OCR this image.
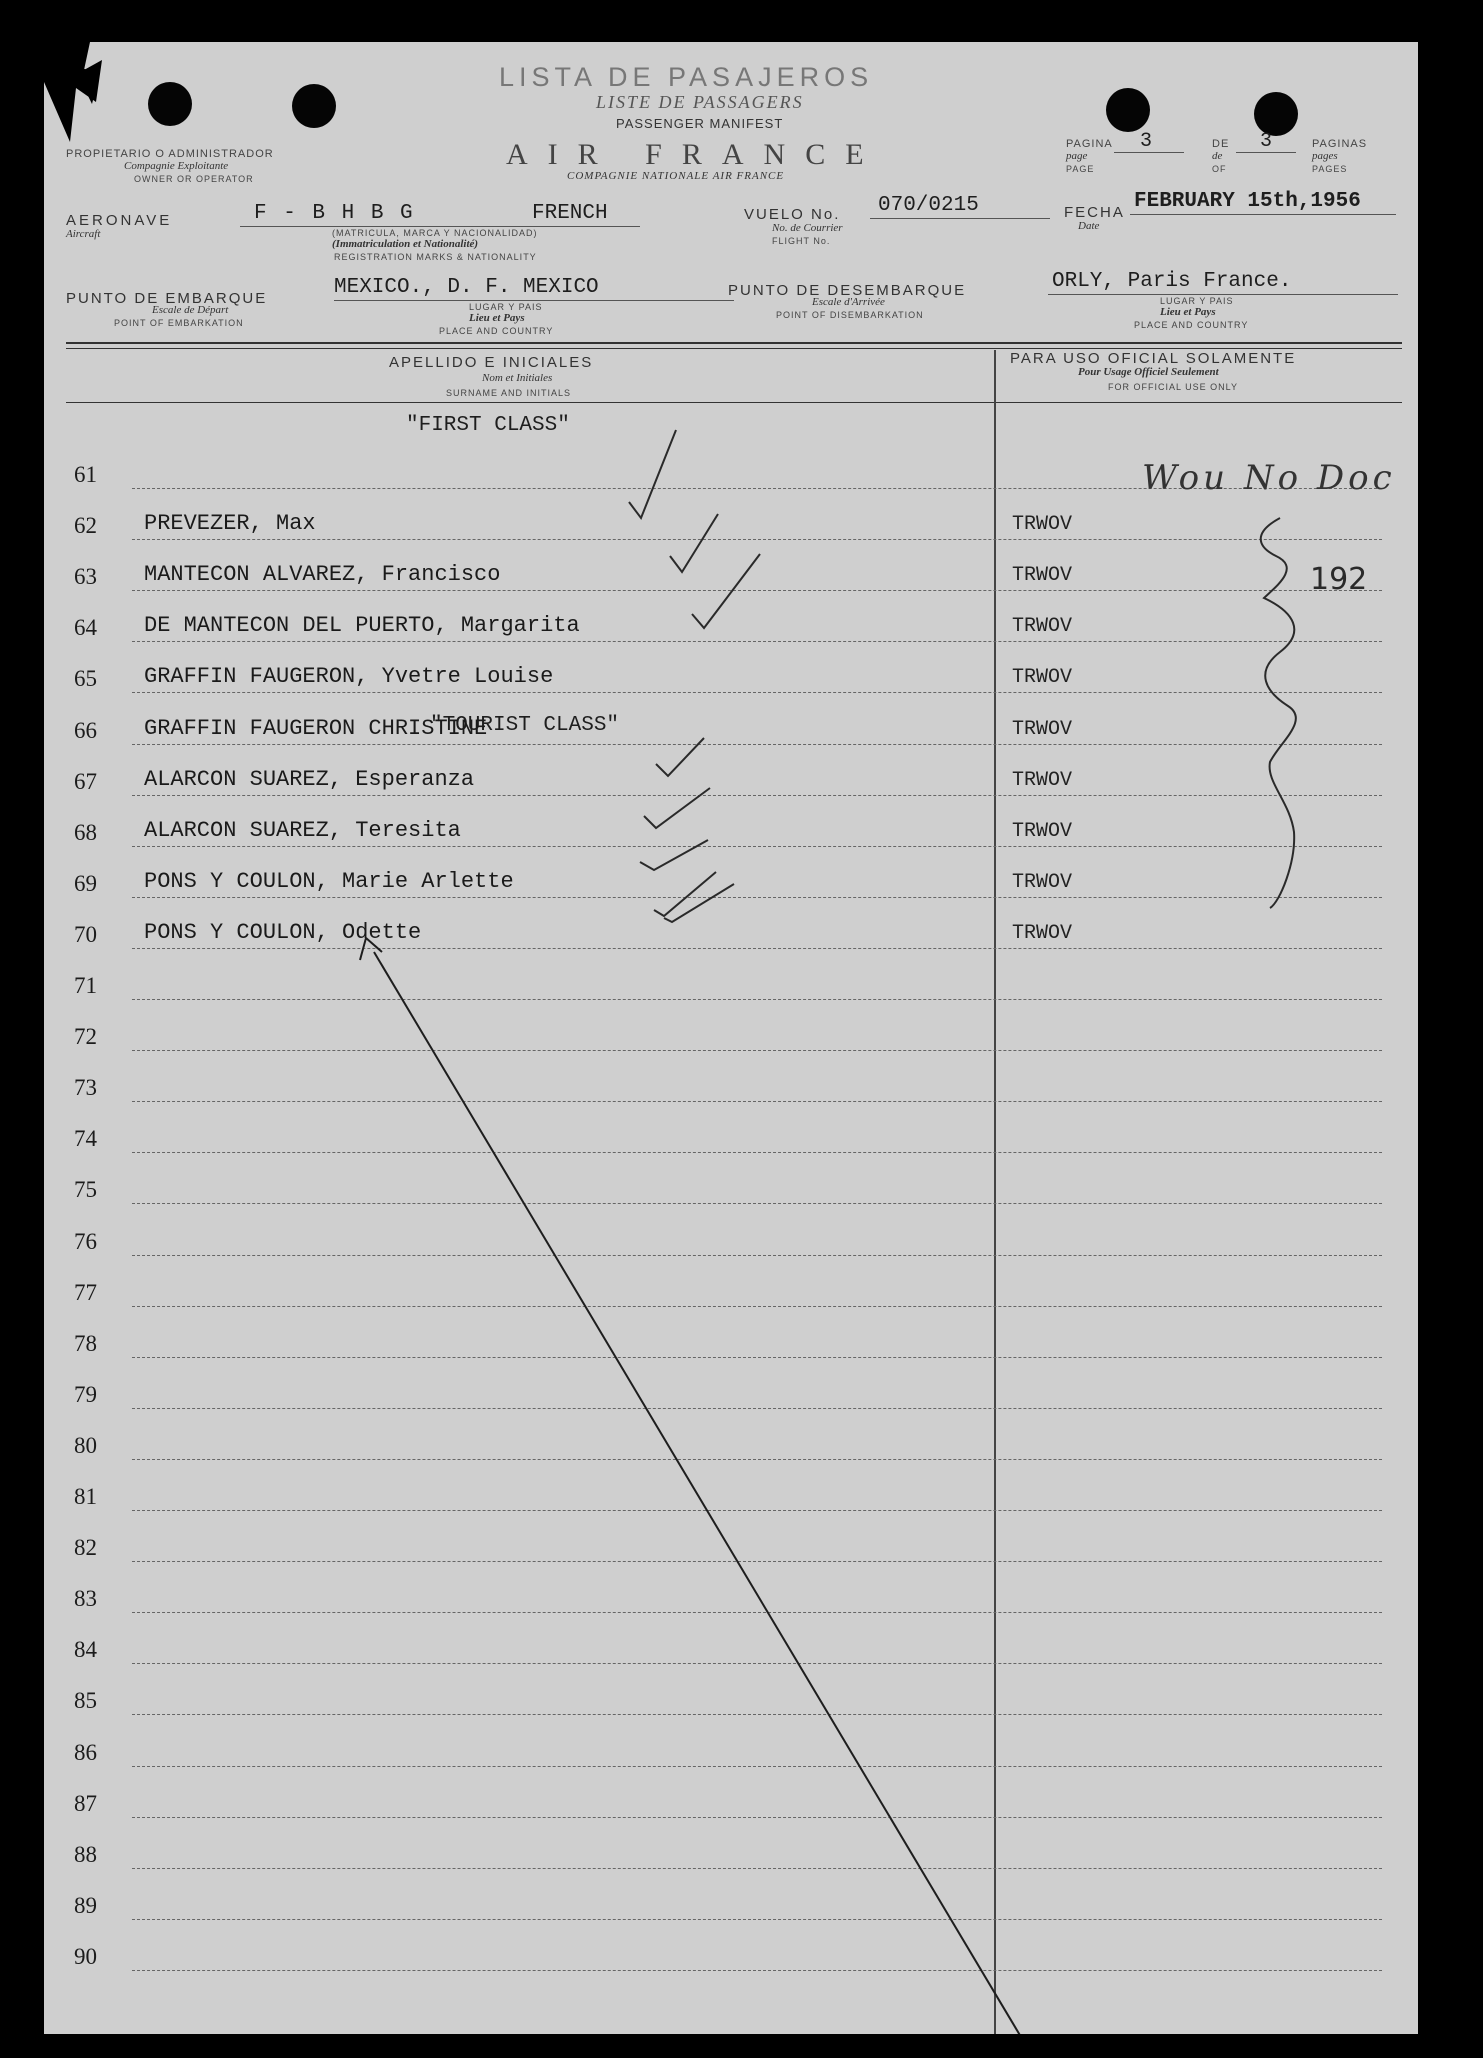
LISTA DE PASAJEROS
LISTE DE PASSAGERS
PASSENGER MANIFEST
AIR FRANCE
COMPAGNIE NATIONALE AIR FRANCE
PROPIETARIO O ADMINISTRADOR
Compagnie Exploitante
OWNER OR OPERATOR
PAGINA
page
PAGE
3	DE
de
OF
3	PAGINAS
pages
PAGES
AERONAVE
Aircraft
F - B H B G	FRENCH
(MATRICULA, MARCA Y NACIONALIDAD)
(Immatriculation et Nationalité)
REGISTRATION MARKS & NATIONALITY
VUELO No.
No. de Courrier
FLIGHT No.
070/0215	FECHA
Date
FEBRUARY 15th,1956
PUNTO DE EMBARQUE
Escale de Départ
POINT OF EMBARKATION
MEXICO., D. F. MEXICO
LUGAR Y PAIS
Lieu et Pays
PLACE AND COUNTRY
PUNTO DE DESEMBARQUE
Escale d'Arrivée
POINT OF DISEMBARKATION
ORLY, Paris France.
LUGAR Y PAIS
Lieu et Pays
PLACE AND COUNTRY
APELLIDO E INICIALES
Nom et Initiales
SURNAME AND INITIALS
PARA USO OFICIAL SOLAMENTE
Pour Usage Officiel Seulement
FOR OFFICIAL USE ONLY
"FIRST CLASS"
"TOURIST CLASS"
61
62	PREVEZER, Max	TRWOV
63	MANTECON ALVAREZ, Francisco	TRWOV
64	DE MANTECON DEL PUERTO, Margarita	TRWOV
65	GRAFFIN FAUGERON, Yvetre Louise	TRWOV
66	GRAFFIN FAUGERON CHRISTINE	TRWOV
67	ALARCON SUAREZ, Esperanza	TRWOV
68	ALARCON SUAREZ, Teresita	TRWOV
69	PONS Y COULON, Marie Arlette	TRWOV
70	PONS Y COULON, Odette	TRWOV
71
72
73
74
75
76
77
78
79
80
81
82
83
84
85
86
87
88
89
90
Wou No Doc
192
